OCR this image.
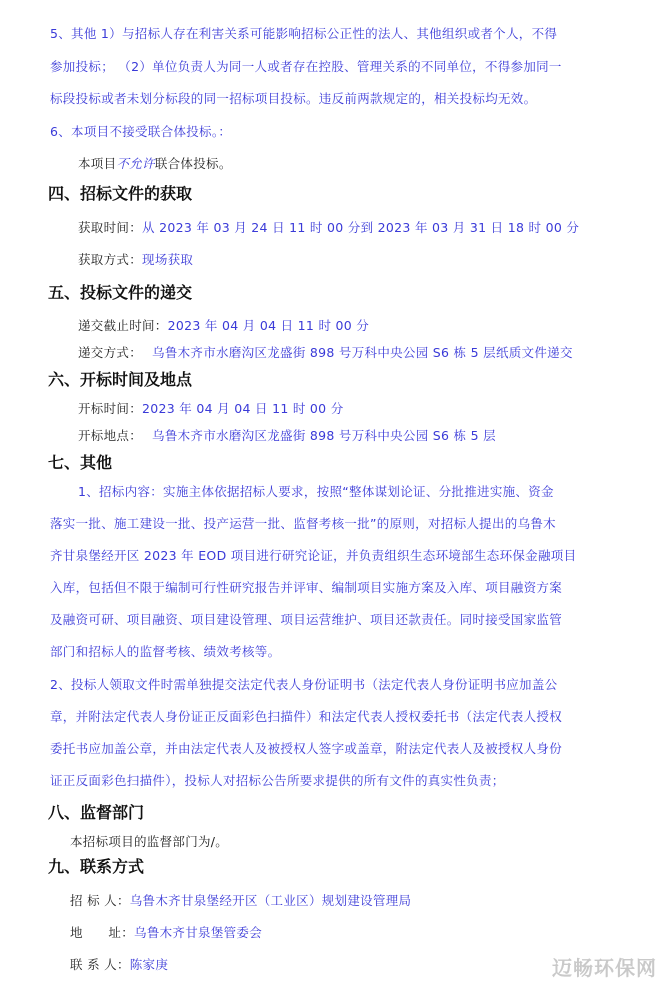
5、其他 1）与招标人存在利害关系可能影响招标公正性的法人、其他组织或者个人，不得
参加投标； （2）单位负责人为同一人或者存在控股、管理关系的不同单位，不得参加同一
标段投标或者未划分标段的同一招标项目投标。违反前两款规定的，相关投标均无效。
6、本项目不接受联合体投标。：
本项目不允许联合体投标。
四、招标文件的获取
获取时间：从 2023 年 03 月 24 日 11 时 00 分到 2023 年 03 月 31 日 18 时 00 分
获取方式：现场获取
五、投标文件的递交
递交截止时间：2023 年 04 月 04 日 11 时 00 分
递交方式： 乌鲁木齐市水磨沟区龙盛街 898 号万科中央公园 S6 栋 5 层纸质文件递交
六、开标时间及地点
开标时间：2023 年 04 月 04 日 11 时 00 分
开标地点： 乌鲁木齐市水磨沟区龙盛街 898 号万科中央公园 S6 栋 5 层
七、其他
1、招标内容：实施主体依据招标人要求，按照“整体谋划论证、分批推进实施、资金
落实一批、施工建设一批、投产运营一批、监督考核一批”的原则，对招标人提出的乌鲁木
齐甘泉堡经开区 2023 年 EOD 项目进行研究论证，并负责组织生态环境部生态环保金融项目
入库，包括但不限于编制可行性研究报告并评审、编制项目实施方案及入库、项目融资方案
及融资可研、项目融资、项目建设管理、项目运营维护、项目还款责任。同时接受国家监管
部门和招标人的监督考核、绩效考核等。
2、投标人领取文件时需单独提交法定代表人身份证明书（法定代表人身份证明书应加盖公
章，并附法定代表人身份证正反面彩色扫描件）和法定代表人授权委托书（法定代表人授权
委托书应加盖公章，并由法定代表人及被授权人签字或盖章，附法定代表人及被授权人身份
证正反面彩色扫描件），投标人对招标公告所要求提供的所有文件的真实性负责；
八、监督部门
本招标项目的监督部门为/。
九、联系方式
招 标 人：乌鲁木齐甘泉堡经开区（工业区）规划建设管理局
地　　址：乌鲁木齐甘泉堡管委会
联 系 人：陈家庚	迈畅环保网
